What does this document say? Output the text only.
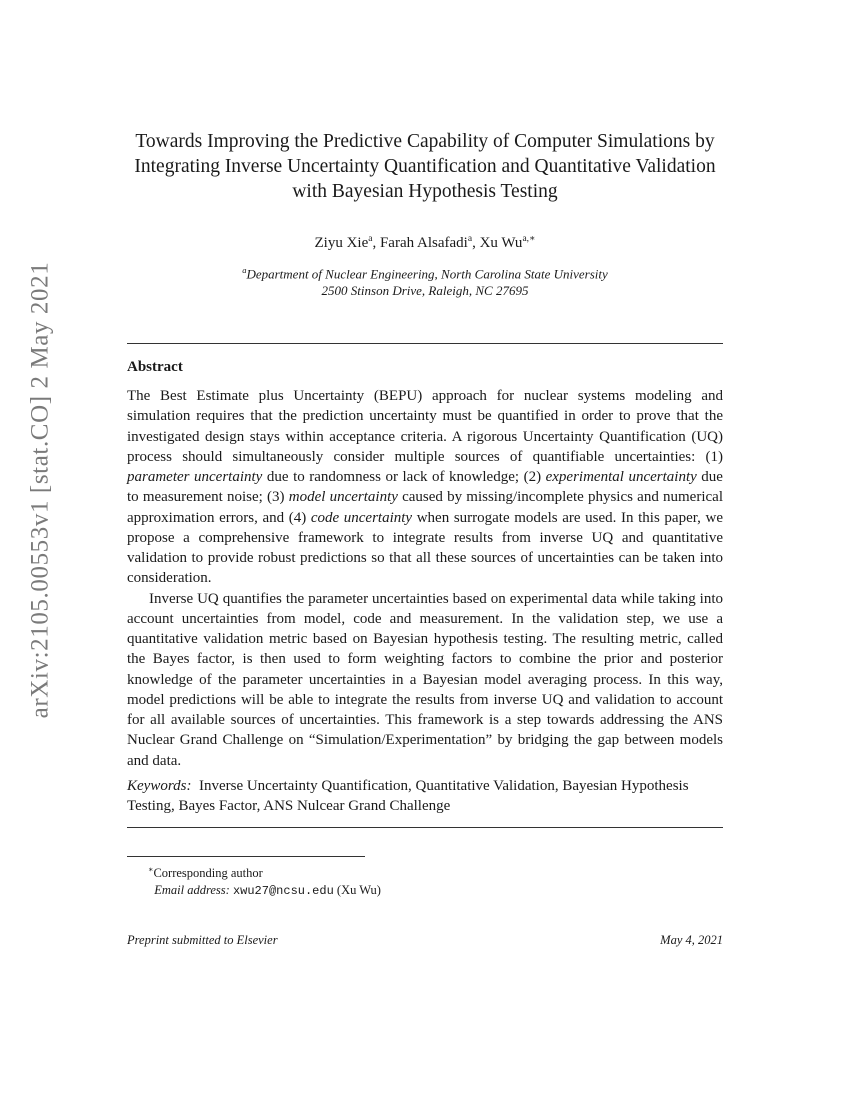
arXiv:2105.00553v1 [stat.CO] 2 May 2021
Towards Improving the Predictive Capability of Computer Simulations by
Integrating Inverse Uncertainty Quantification and Quantitative Validation
with Bayesian Hypothesis Testing
Ziyu Xie$^a$, Farah Alsafadi$^a$, Xu $Wu^{a,∗}$
$^a$Department of Nuclear Engineering, North Carolina State University
2500 Stinson Drive, Raleigh, NC 27695
Abstract

The Best Estimate plus Uncertainty (BEPU) approach for nuclear systems modeling and simulation requires that the prediction uncertainty must be quantified in order to prove that the investigated design stays within acceptance criteria. A rigorous Uncertainty Quantification (UQ) process should simultaneously consider multiple sources of quantifiable uncertainties: (1) parameter uncertainty due to randomness or lack of knowledge; (2) experimental uncertainty due to measurement noise; (3) model uncertainty caused by missing/incomplete physics and numerical approximation errors, and (4) code uncertainty when surrogate models are used. In this paper, we propose a comprehensive framework to integrate results from inverse UQ and quantitative validation to provide robust predictions so that all these sources of uncertainties can be taken into consideration.

Inverse UQ quantifies the parameter uncertainties based on experimental data while taking into account uncertainties from model, code and measurement. In the validation step, we use a quantitative validation metric based on Bayesian hypothesis testing. The resulting metric, called the Bayes factor, is then used to form weighting factors to combine the prior and posterior knowledge of the parameter uncertainties in a Bayesian model averaging process. In this way, model predictions will be able to integrate the results from inverse UQ and validation to account for all available sources of uncertainties. This framework is a step towards addressing the ANS Nuclear Grand Challenge on “Simulation/Experimentation” by bridging the gap between models and data.

Keywords: Inverse Uncertainty Quantification, Quantitative Validation, Bayesian Hypothesis Testing, Bayes Factor, ANS Nulcear Grand Challenge
∗Corresponding author
Email address: xwu27@ncsu.edu (Xu Wu)
Preprint submitted to Elsevier	May 4, 2021
